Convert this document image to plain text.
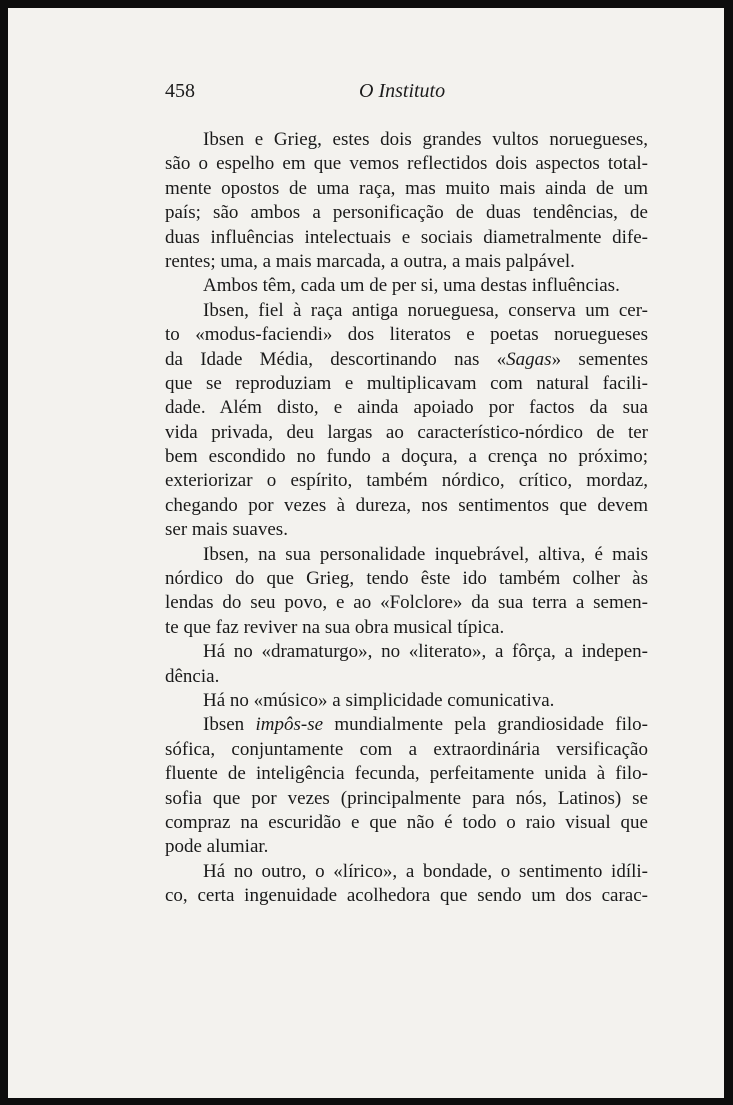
458	O Instituto
Ibsen e Grieg, estes dois grandes vultos noruegueses,
são o espelho em que vemos reflectidos dois aspectos total-
mente opostos de uma raça, mas muito mais ainda de um
país; são ambos a personificação de duas tendências, de
duas influências intelectuais e sociais diametralmente dife-
rentes; uma, a mais marcada, a outra, a mais palpável.
Ambos têm, cada um de per si, uma destas influências.
Ibsen, fiel à raça antiga norueguesa, conserva um cer-
to «modus-faciendi» dos literatos e poetas noruegueses
da Idade Média, descortinando nas «Sagas» sementes
que se reproduziam e multiplicavam com natural facili-
dade. Além disto, e ainda apoiado por factos da sua
vida privada, deu largas ao característico-nórdico de ter
bem escondido no fundo a doçura, a crença no próximo;
exteriorizar o espírito, também nórdico, crítico, mordaz,
chegando por vezes à dureza, nos sentimentos que devem
ser mais suaves.
Ibsen, na sua personalidade inquebrável, altiva, é mais
nórdico do que Grieg, tendo êste ido também colher às
lendas do seu povo, e ao «Folclore» da sua terra a semen-
te que faz reviver na sua obra musical típica.
Há no «dramaturgo», no «literato», a fôrça, a indepen-
dência.
Há no «músico» a simplicidade comunicativa.
Ibsen impôs-se mundialmente pela grandiosidade filo-
sófica, conjuntamente com a extraordinária versificação
fluente de inteligência fecunda, perfeitamente unida à filo-
sofia que por vezes (principalmente para nós, Latinos) se
compraz na escuridão e que não é todo o raio visual que
pode alumiar.
Há no outro, o «lírico», a bondade, o sentimento idíli-
co, certa ingenuidade acolhedora que sendo um dos carac-
